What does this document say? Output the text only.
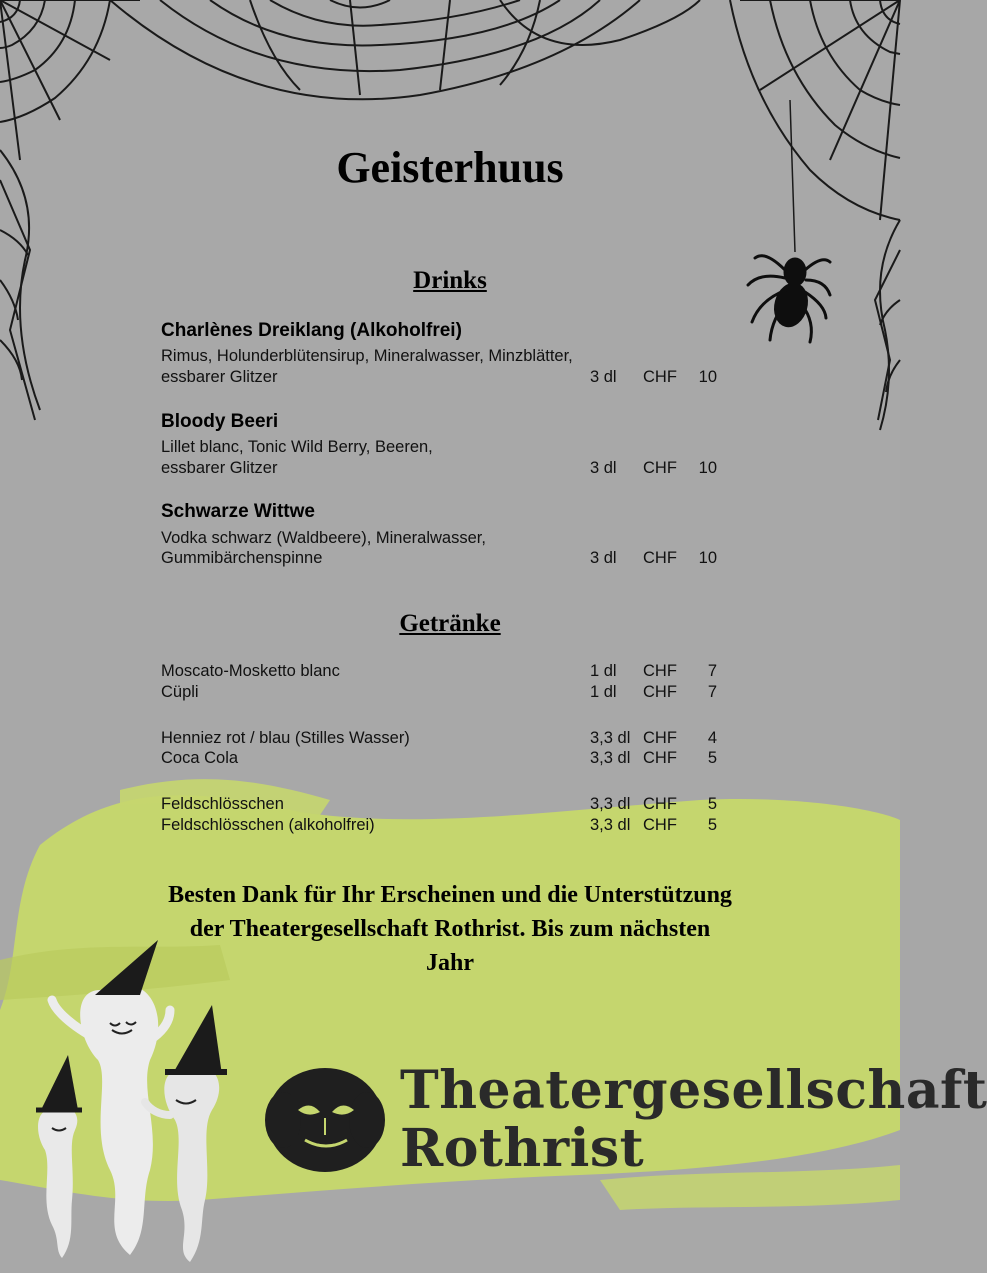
Geisterhuus
Drinks
Charlènes Dreiklang (Alkoholfrei)
Rimus, Holunderblütensirup, Mineralwasser, Minzblätter,
essbarer Glitzer	3 dl CHF	10
Bloody Beeri
Lillet blanc, Tonic Wild Berry, Beeren,
essbarer Glitzer	3 dl CHF	10
Schwarze Wittwe
Vodka schwarz (Waldbeere), Mineralwasser,
Gummibärchenspinne	3 dl CHF	10
Getränke
Moscato-Mosketto blanc	1 dl CHF	7
Cüpli	1 dl CHF	7
Henniez rot / blau (Stilles Wasser)	3,3 dl CHF	4
Coca Cola	3,3 dl CHF	5
Feldschlösschen	3,3 dl CHF	5
Feldschlösschen (alkoholfrei)	3,3 dl CHF	5
Besten Dank für Ihr Erscheinen und die Unterstützung
der Theatergesellschaft Rothrist. Bis zum nächsten
Jahr
Theatergesellschaft
Rothrist
